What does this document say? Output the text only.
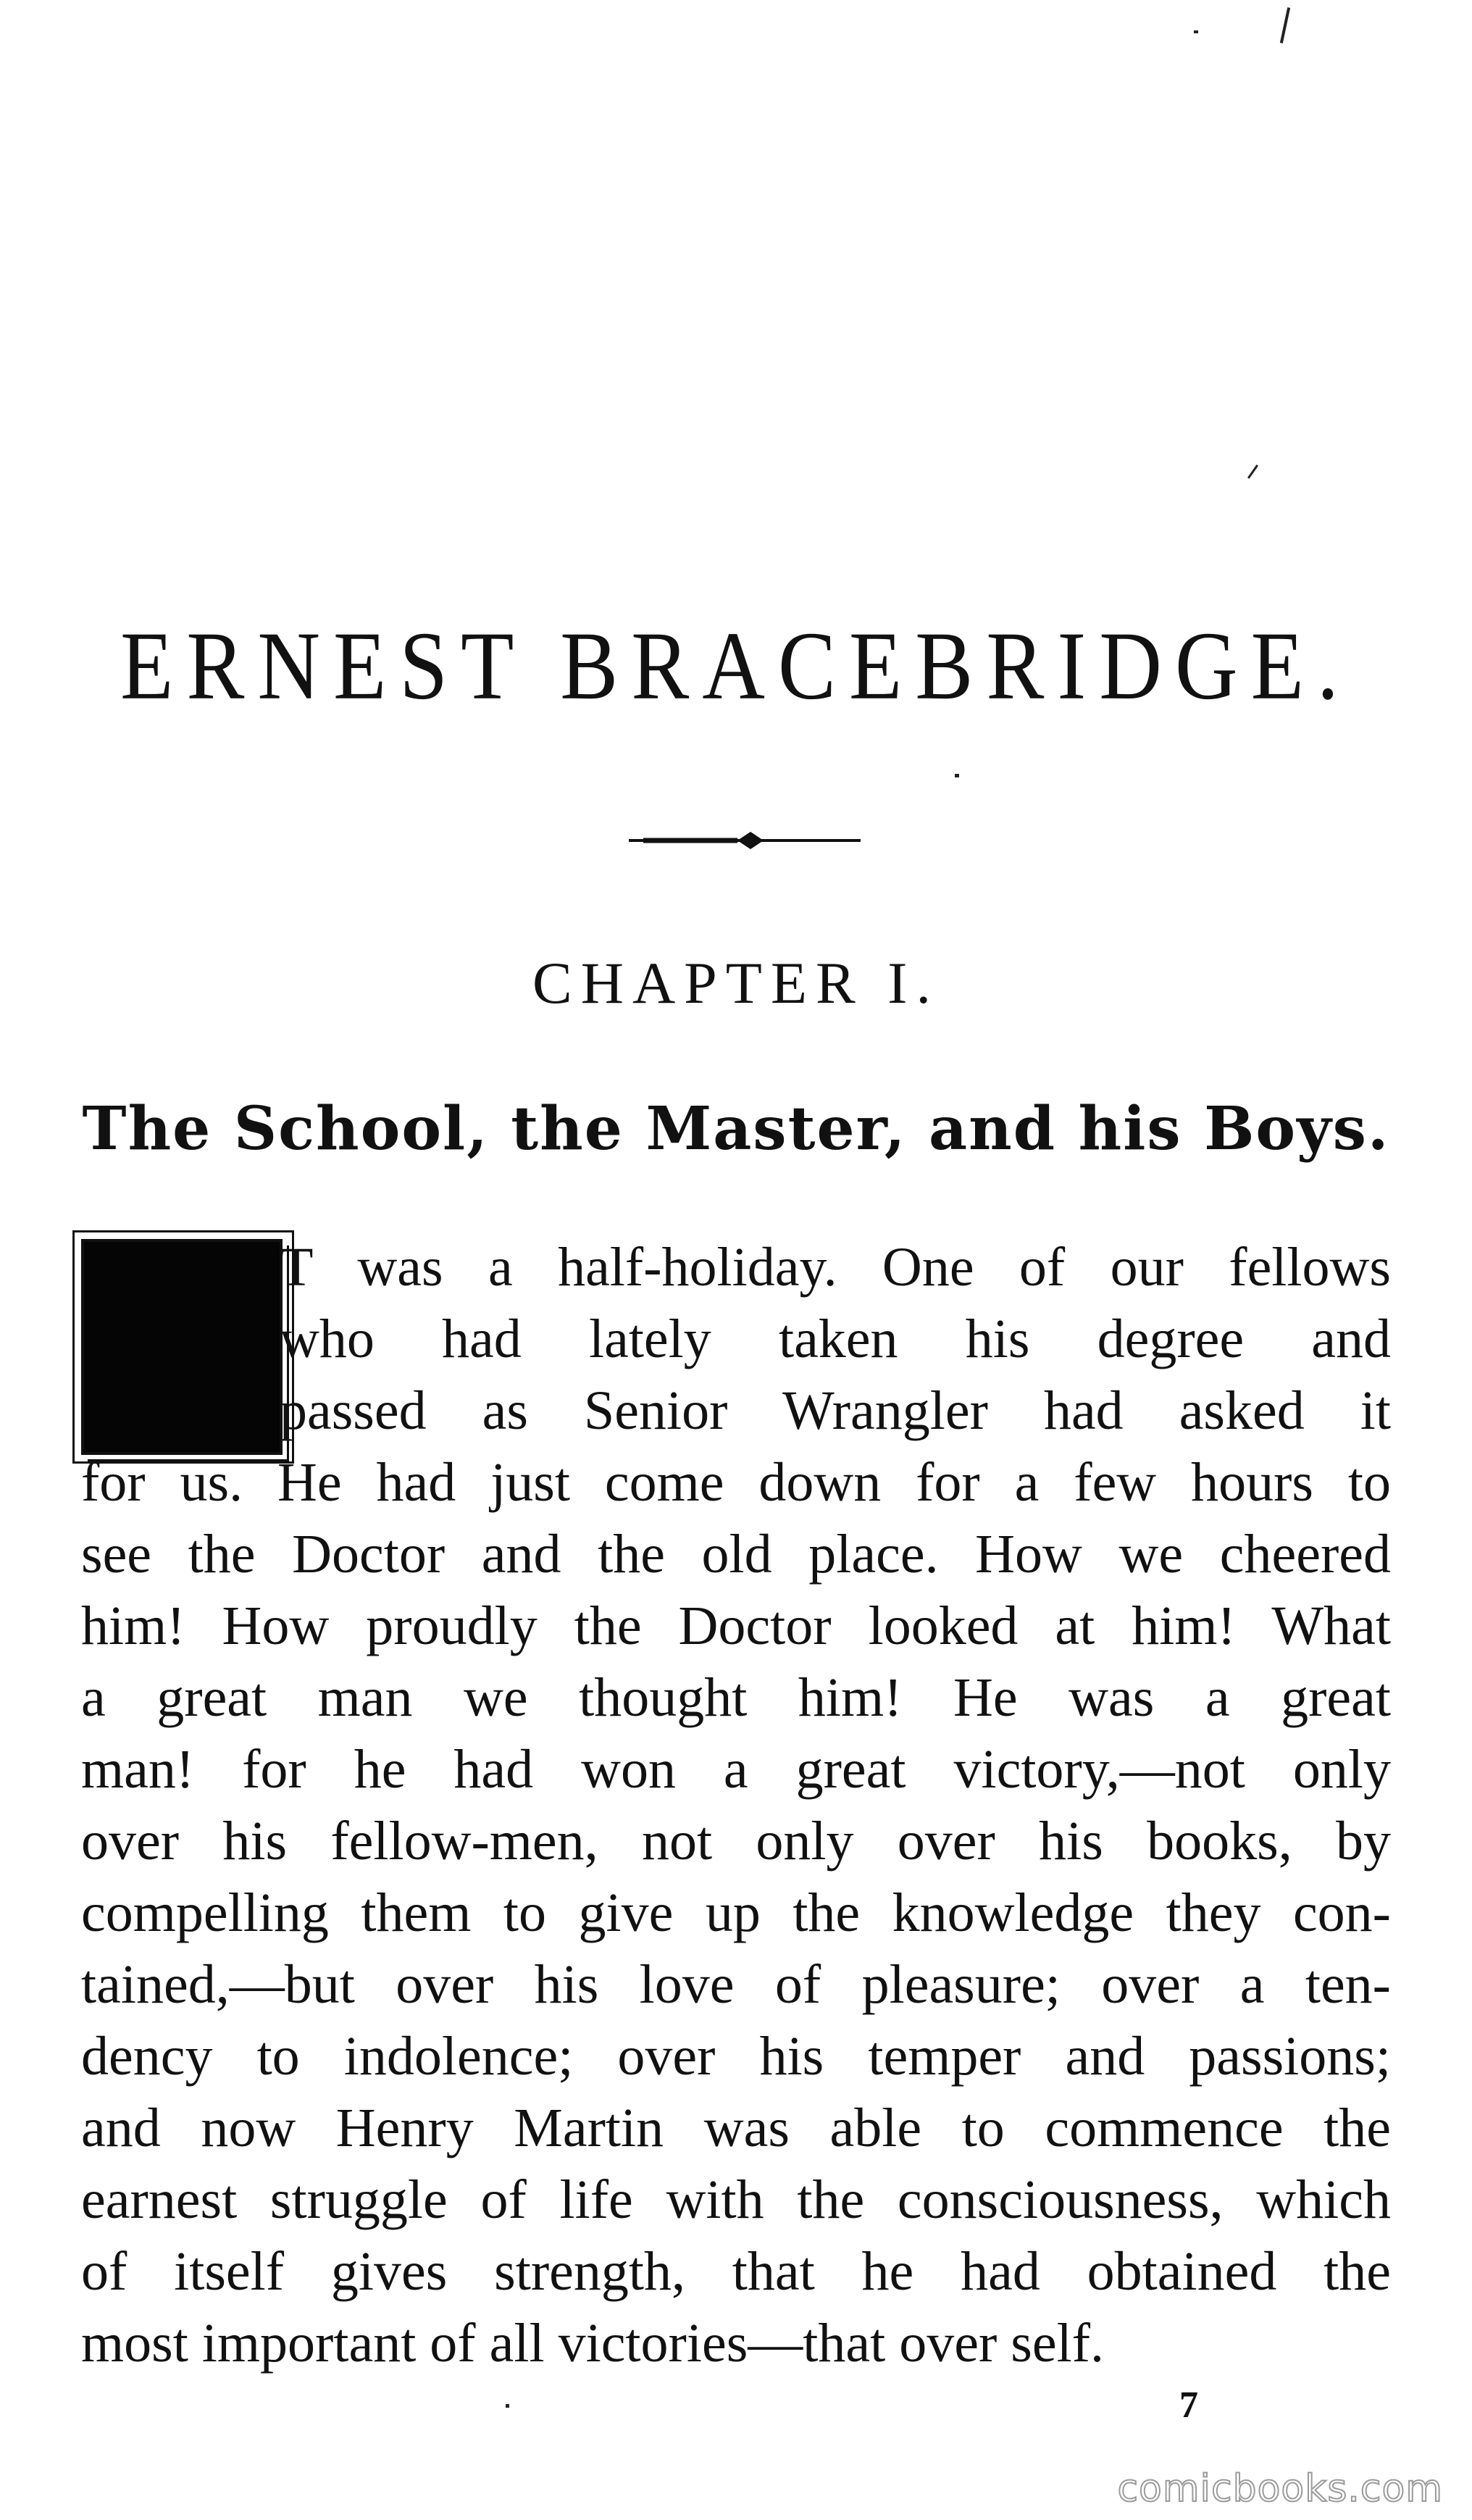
ERNEST BRACEBRIDGE.
CHAPTER I.
The School, the Master, and his Boys.
T was a half-holiday. One of our fellows
who had lately taken his degree and
passed as Senior Wrangler had asked it
for us. He had just come down for a few hours to
see the Doctor and the old place. How we cheered
him! How proudly the Doctor looked at him! What
a great man we thought him! He was a great
man! for he had won a great victory,—not only
over his fellow-men, not only over his books, by
compelling them to give up the knowledge they con-
tained,—but over his love of pleasure; over a ten-
dency to indolence; over his temper and passions;
and now Henry Martin was able to commence the
earnest struggle of life with the consciousness, which
of itself gives strength, that he had obtained the
most important of all victories—that over self.
7
comicbooks.com
